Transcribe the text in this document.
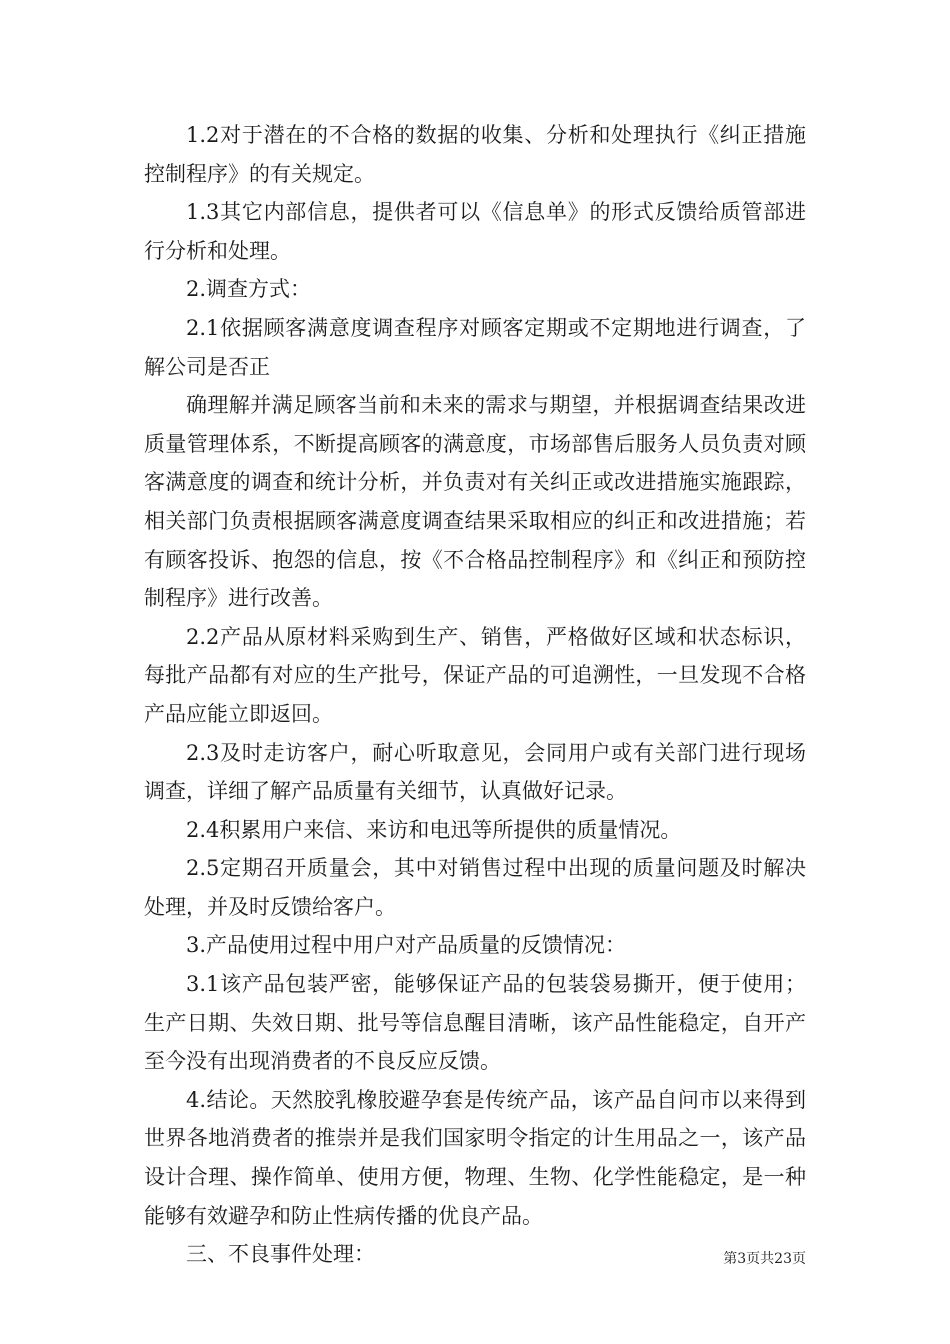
1.2对于潜在的不合格的数据的收集、分析和处理执行《纠正措施控制程序》的有关规定。

1.3其它内部信息，提供者可以《信息单》的形式反馈给质管部进行分析和处理。

2.调查方式：

2.1依据顾客满意度调查程序对顾客定期或不定期地进行调查，了解公司是否正

确理解并满足顾客当前和未来的需求与期望，并根据调查结果改进质量管理体系，不断提高顾客的满意度，市场部售后服务人员负责对顾客满意度的调查和统计分析，并负责对有关纠正或改进措施实施跟踪，相关部门负责根据顾客满意度调查结果采取相应的纠正和改进措施；若有顾客投诉、抱怨的信息，按《不合格品控制程序》和《纠正和预防控制程序》进行改善。

2.2产品从原材料采购到生产、销售，严格做好区域和状态标识，每批产品都有对应的生产批号，保证产品的可追溯性，一旦发现不合格产品应能立即返回。

2.3及时走访客户，耐心听取意见，会同用户或有关部门进行现场调查，详细了解产品质量有关细节，认真做好记录。

2.4积累用户来信、来访和电迅等所提供的质量情况。

2.5定期召开质量会，其中对销售过程中出现的质量问题及时解决处理，并及时反馈给客户。

3.产品使用过程中用户对产品质量的反馈情况：

3.1该产品包装严密，能够保证产品的包装袋易撕开，便于使用；生产日期、失效日期、批号等信息醒目清晰，该产品性能稳定，自开产至今没有出现消费者的不良反应反馈。

4.结论。天然胶乳橡胶避孕套是传统产品，该产品自问市以来得到世界各地消费者的推崇并是我们国家明令指定的计生用品之一，该产品设计合理、操作简单、使用方便，物理、生物、化学性能稳定，是一种能够有效避孕和防止性病传播的优良产品。

三、不良事件处理：	第3页共23页
